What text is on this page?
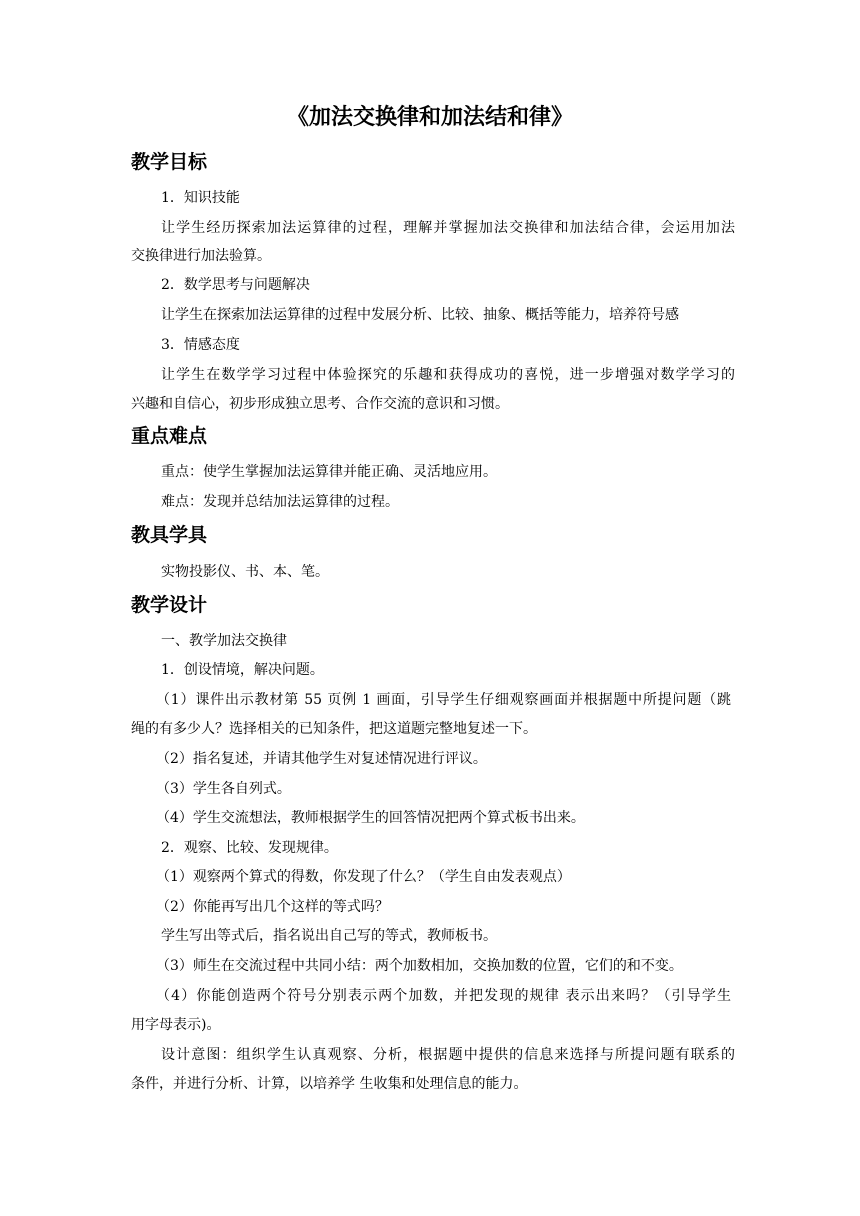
《加法交换律和加法结和律》
教学目标
1．知识技能
让学生经历探索加法运算律的过程，理解并掌握加法交换律和加法结合律，会运用加法
交换律进行加法验算。
2．数学思考与问题解决
让学生在探索加法运算律的过程中发展分析、比较、抽象、概括等能力，培养符号感
3．情感态度
让学生在数学学习过程中体验探究的乐趣和获得成功的喜悦，进一步增强对数学学习的
兴趣和自信心，初步形成独立思考、合作交流的意识和习惯。
重点难点
重点：使学生掌握加法运算律并能正确、灵活地应用。
难点：发现并总结加法运算律的过程。
教具学具
实物投影仪、书、本、笔。
教学设计
一、教学加法交换律
1．创设情境，解决问题。
（1）课件出示教材第 55 页例 1 画面，引导学生仔细观察画面并根据题中所提问题（跳
绳的有多少人？选择相关的已知条件，把这道题完整地复述一下。
（2）指名复述，并请其他学生对复述情况进行评议。
（3）学生各自列式。
（4）学生交流想法，教师根据学生的回答情况把两个算式板书出来。
2．观察、比较、发现规律。
（1）观察两个算式的得数，你发现了什么？（学生自由发表观点）
（2）你能再写出几个这样的等式吗？
学生写出等式后，指名说出自己写的等式，教师板书。
（3）师生在交流过程中共同小结：两个加数相加，交换加数的位置，它们的和不变。
（4）你能创造两个符号分别表示两个加数，并把发现的规律 表示出来吗？（引导学生
用字母表示)。
设计意图：组织学生认真观察、分析，根据题中提供的信息来选择与所提问题有联系的
条件，并进行分析、计算，以培养学 生收集和处理信息的能力。
